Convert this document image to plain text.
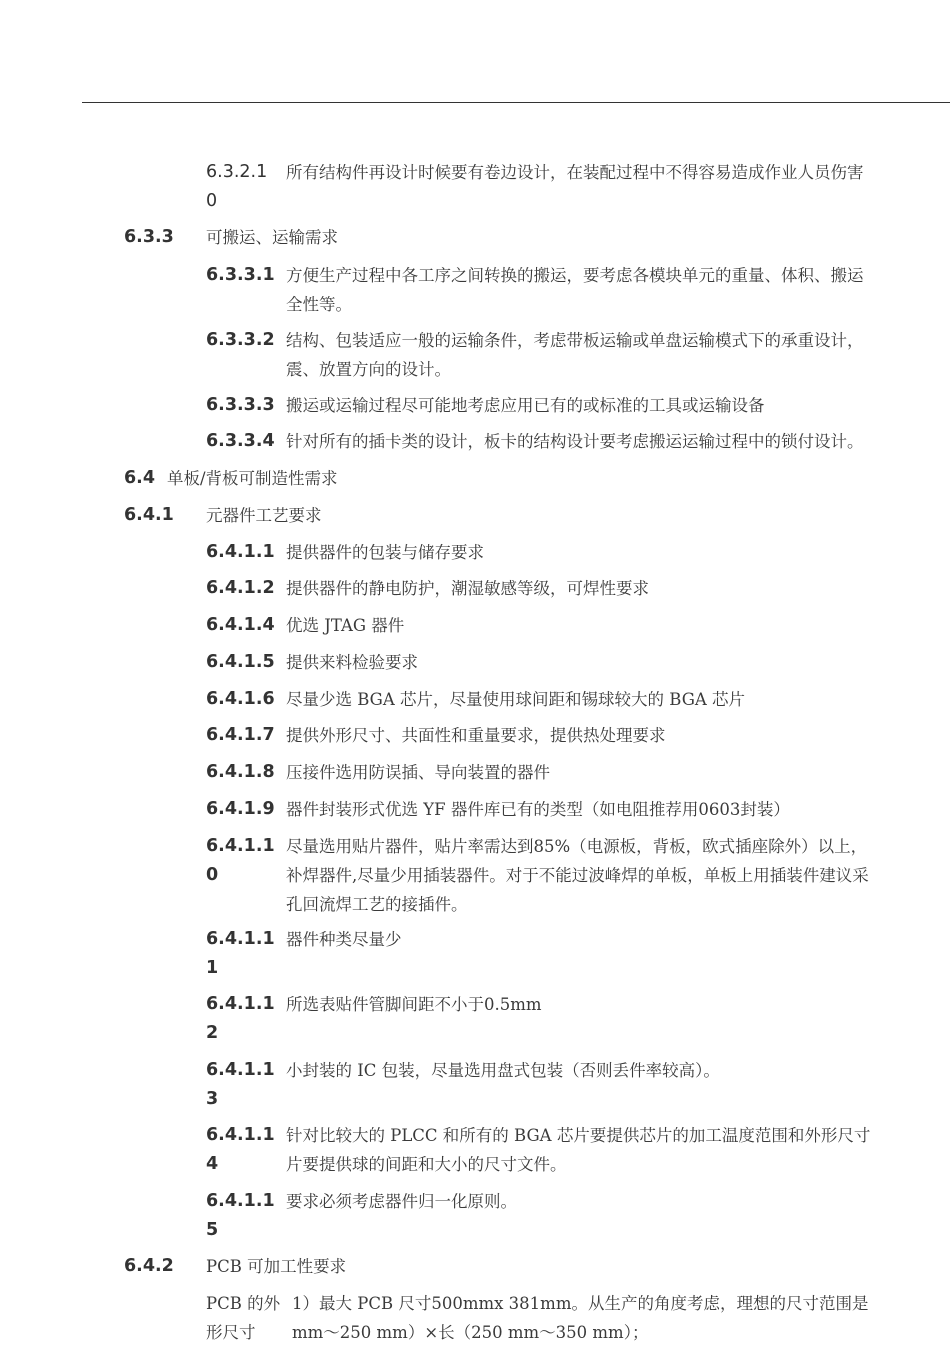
6.3.2.1
0
所有结构件再设计时候要有卷边设计，在装配过程中不得容易造成作业人员伤害
6.3.3 可搬运、运输需求
6.3.3.1 方便生产过程中各工序之间转换的搬运，要考虑各模块单元的重量、体积、搬运
全性等。
6.3.3.2 结构、包装适应一般的运输条件，考虑带板运输或单盘运输模式下的承重设计，
震、放置方向的设计。
6.3.3.3 搬运或运输过程尽可能地考虑应用已有的或标准的工具或运输设备
6.3.3.4 针对所有的插卡类的设计，板卡的结构设计要考虑搬运运输过程中的锁付设计。
6.4 单板/背板可制造性需求
6.4.1 元器件工艺要求
6.4.1.1 提供器件的包装与储存要求
6.4.1.2 提供器件的静电防护，潮湿敏感等级，可焊性要求
6.4.1.4 优选 JTAG 器件
6.4.1.5 提供来料检验要求
6.4.1.6 尽量少选 BGA 芯片，尽量使用球间距和锡球较大的 BGA 芯片
6.4.1.7 提供外形尺寸、共面性和重量要求，提供热处理要求
6.4.1.8 压接件选用防误插、导向装置的器件
6.4.1.9 器件封装形式优选 YF 器件库已有的类型（如电阻推荐用0603封装）
6.4.1.1
0
尽量选用贴片器件，贴片率需达到85%（电源板，背板，欧式插座除外）以上，
补焊器件,尽量少用插装器件。对于不能过波峰焊的单板，单板上用插装件建议采
孔回流焊工艺的接插件。
6.4.1.1
1
器件种类尽量少
6.4.1.1
2
所选表贴件管脚间距不小于0.5mm
6.4.1.1
3
小封装的 IC 包装，尽量选用盘式包装（否则丢件率较高）。
6.4.1.1
4
针对比较大的 PLCC 和所有的 BGA 芯片要提供芯片的加工温度范围和外形尺寸
片要提供球的间距和大小的尺寸文件。
6.4.1.1
5
要求必须考虑器件归一化原则。
6.4.2 PCB 可加工性要求
PCB 的外
形尺寸
1）最大 PCB 尺寸500mmx 381mm。从生产的角度考虑，理想的尺寸范围是
mm～250 mm）×长（250 mm～350 mm）；
